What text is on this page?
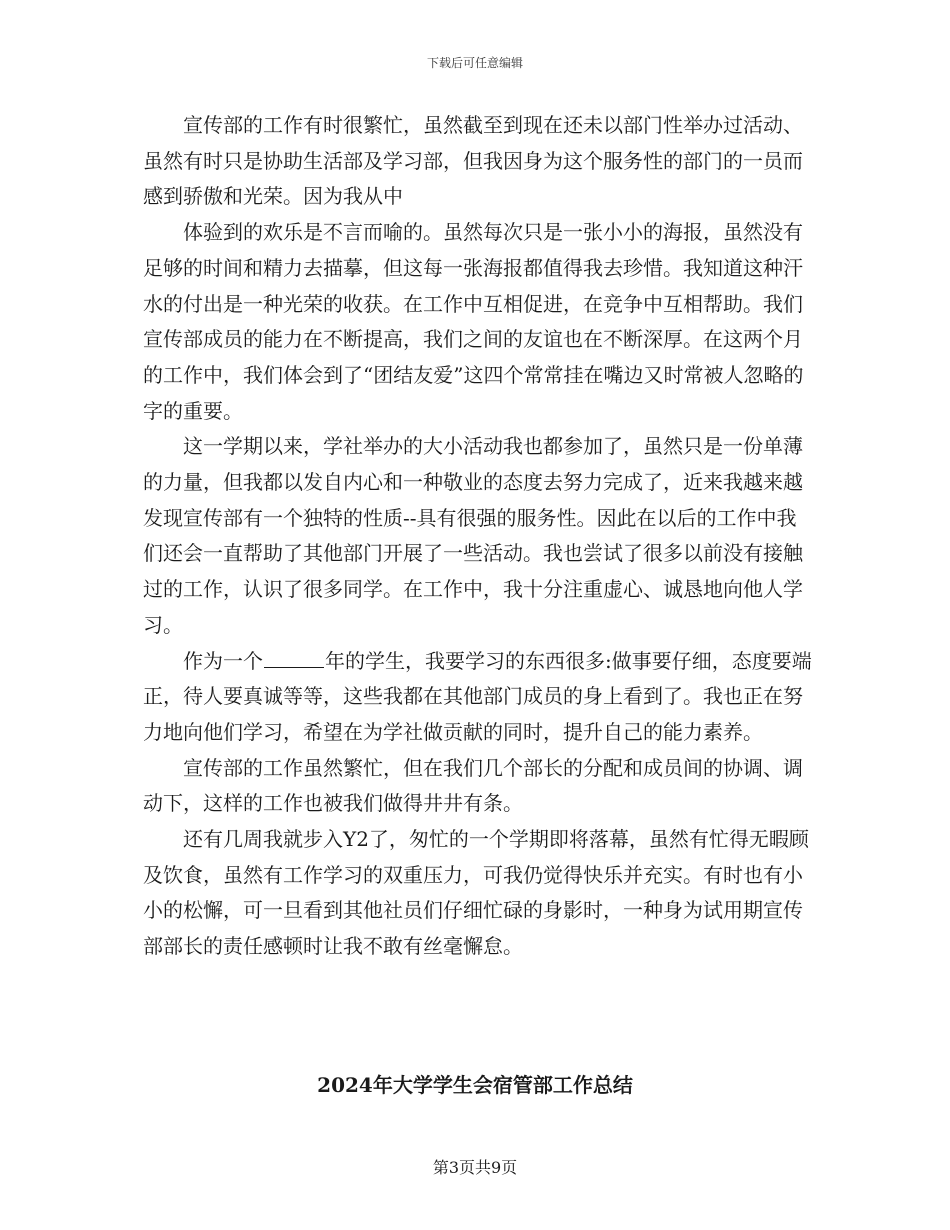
下载后可任意编辑

宣传部的工作有时很繁忙，虽然截至到现在还未以部门性举办过活动、虽然有时只是协助生活部及学习部，但我因身为这个服务性的部门的一员而感到骄傲和光荣。因为我从中

体验到的欢乐是不言而喻的。虽然每次只是一张小小的海报，虽然没有足够的时间和精力去描摹，但这每一张海报都值得我去珍惜。我知道这种汗水的付出是一种光荣的收获。在工作中互相促进，在竞争中互相帮助。我们宣传部成员的能力在不断提高，我们之间的友谊也在不断深厚。在这两个月的工作中，我们体会到了“团结友爱”这四个常常挂在嘴边又时常被人忽略的字的重要。

这一学期以来，学社举办的大小活动我也都参加了，虽然只是一份单薄的力量，但我都以发自内心和一种敬业的态度去努力完成了，近来我越来越发现宣传部有一个独特的性质--具有很强的服务性。因此在以后的工作中我们还会一直帮助了其他部门开展了一些活动。我也尝试了很多以前没有接触过的工作，认识了很多同学。在工作中，我十分注重虚心、诚恳地向他人学习。

作为一个	年的学生，我要学习的东西很多:做事要仔细，态度要端正，待人要真诚等等，这些我都在其他部门成员的身上看到了。我也正在努力地向他们学习，希望在为学社做贡献的同时，提升自己的能力素养。

宣传部的工作虽然繁忙，但在我们几个部长的分配和成员间的协调、调动下，这样的工作也被我们做得井井有条。

还有几周我就步入Y2了，匆忙的一个学期即将落幕，虽然有忙得无暇顾及饮食，虽然有工作学习的双重压力，可我仍觉得快乐并充实。有时也有小小的松懈，可一旦看到其他社员们仔细忙碌的身影时，一种身为试用期宣传部部长的责任感顿时让我不敢有丝毫懈怠。

2024年大学学生会宿管部工作总结
第3页共9页
